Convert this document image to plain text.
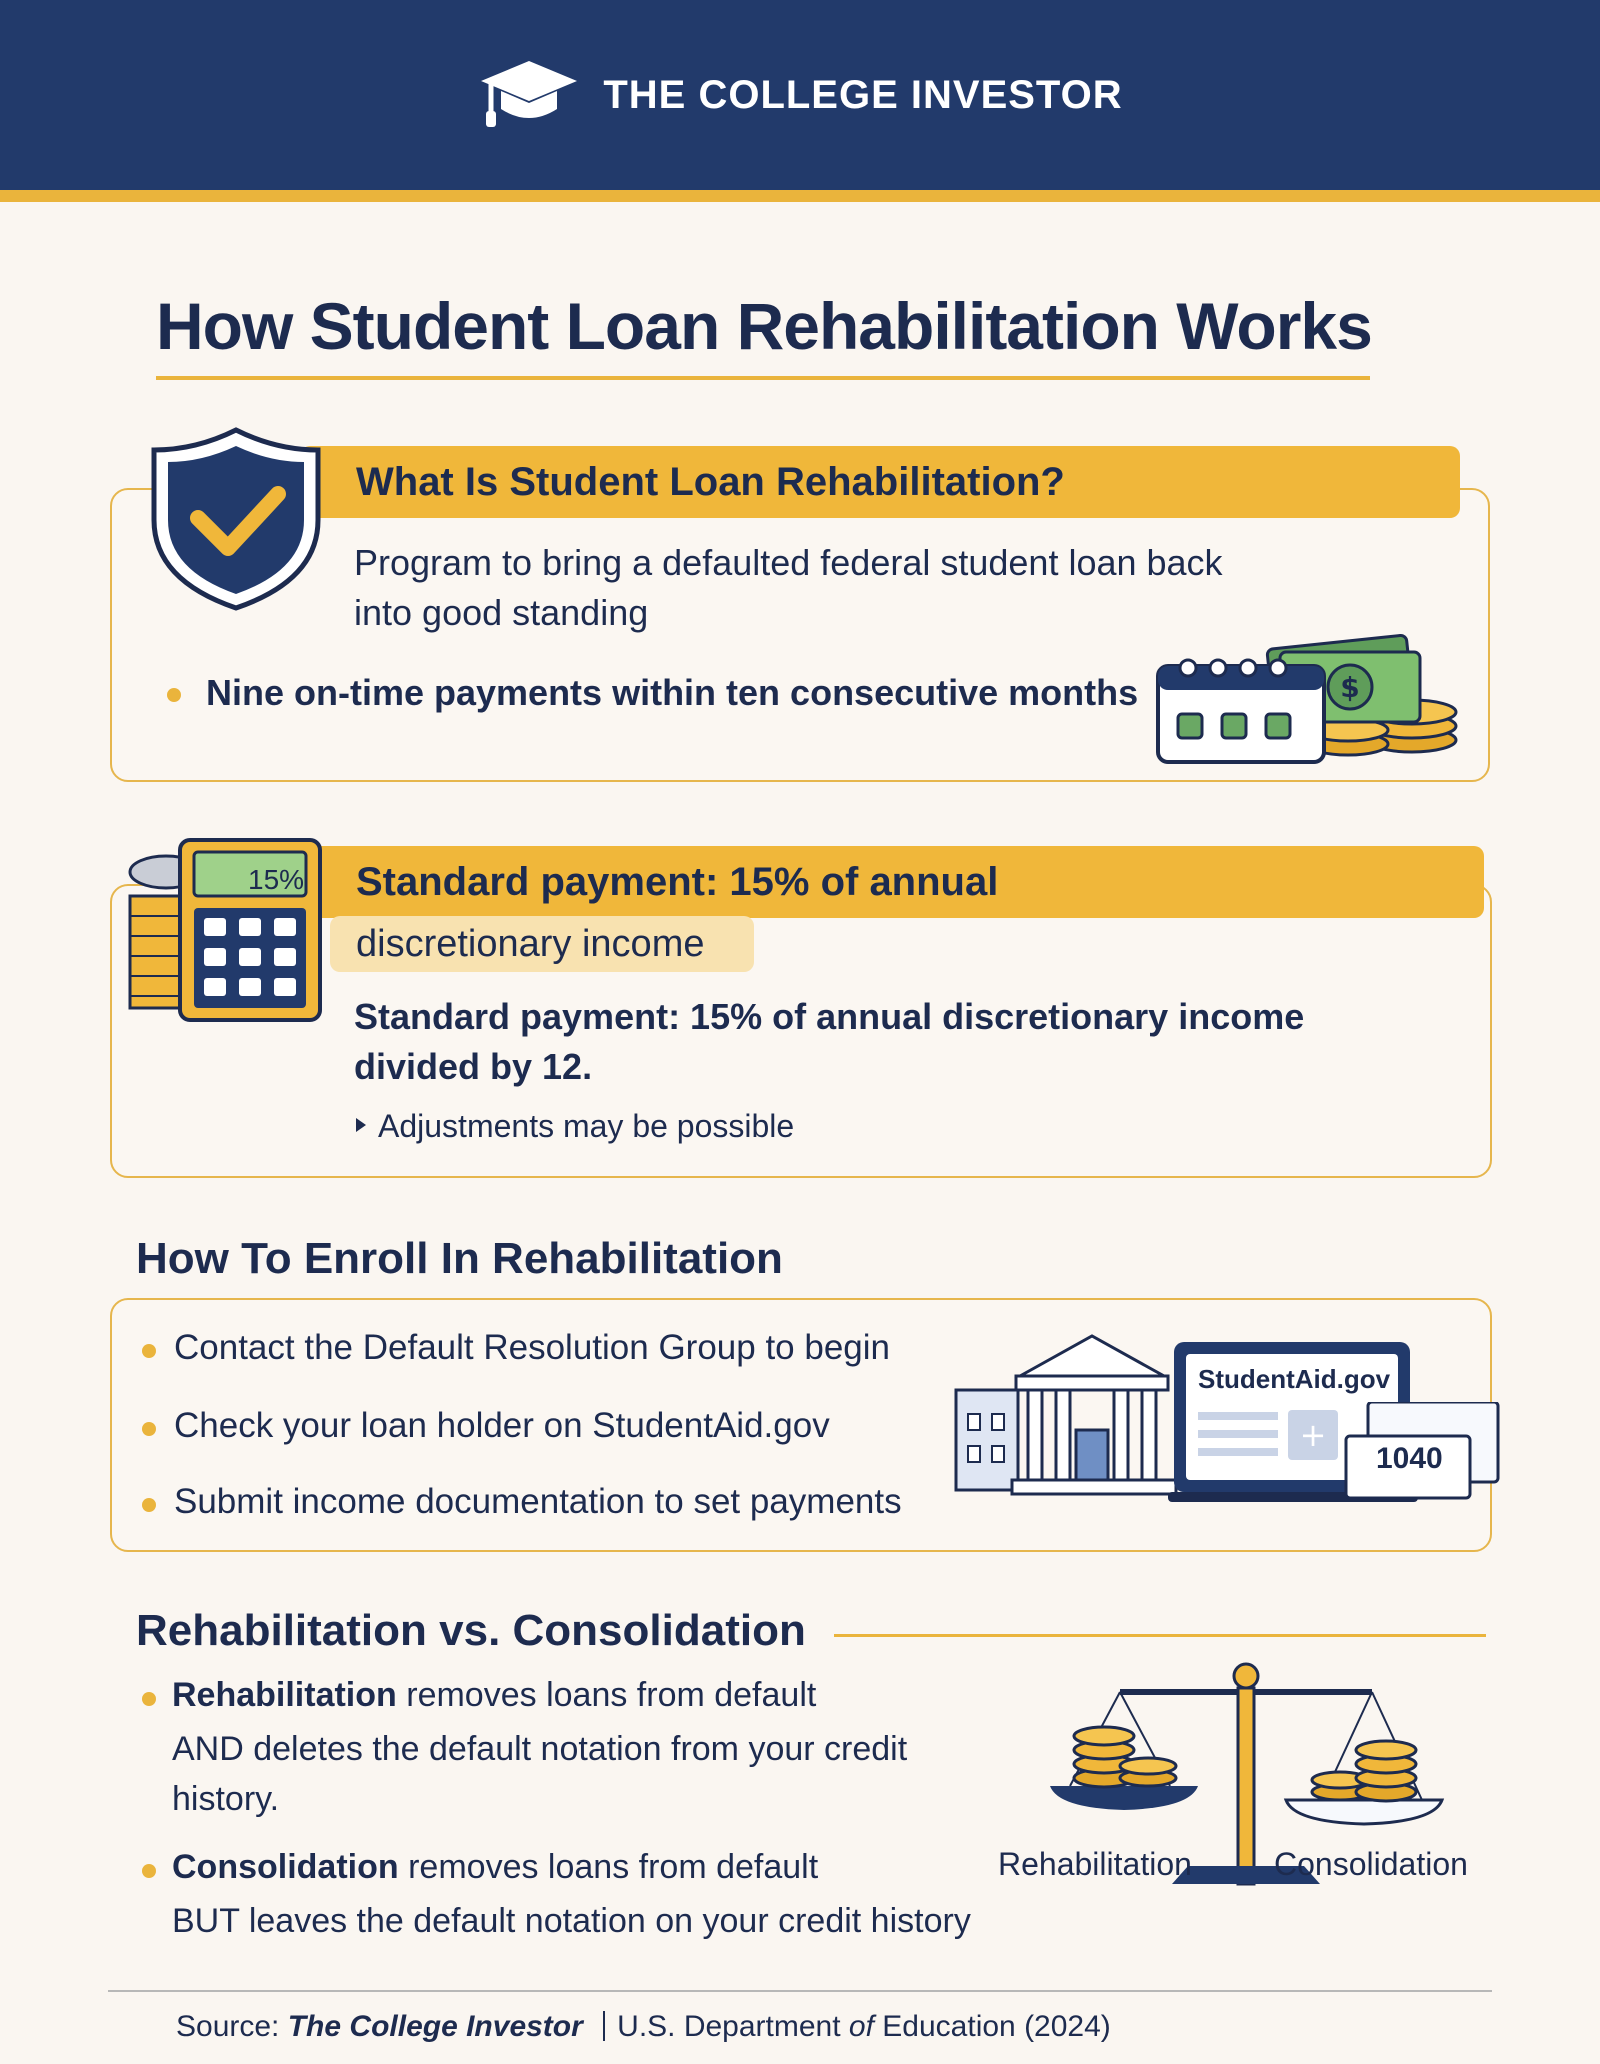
THE COLLEGE INVESTOR
How Student Loan Rehabilitation Works
What Is Student Loan Rehabilitation?
Program to bring a defaulted federal student loan back
into good standing
Nine on-time payments within ten consecutive months	$
Standard payment: 15% of annual
discretionary income
15%
Standard payment: 15% of annual discretionary income
divided by 12.
Adjustments may be possible
How To Enroll In Rehabilitation
Contact the Default Resolution Group to begin
Check your loan holder on StudentAid.gov
Submit income documentation to set payments
+
StudentAid.gov
1040
Rehabilitation vs. Consolidation
Rehabilitation removes loans from default
AND deletes the default notation from your credit
history.
Consolidation removes loans from default
BUT leaves the default notation on your credit history
Rehabilitation	Consolidation
Source: The College Investor U.S. Department of Education (2024)
